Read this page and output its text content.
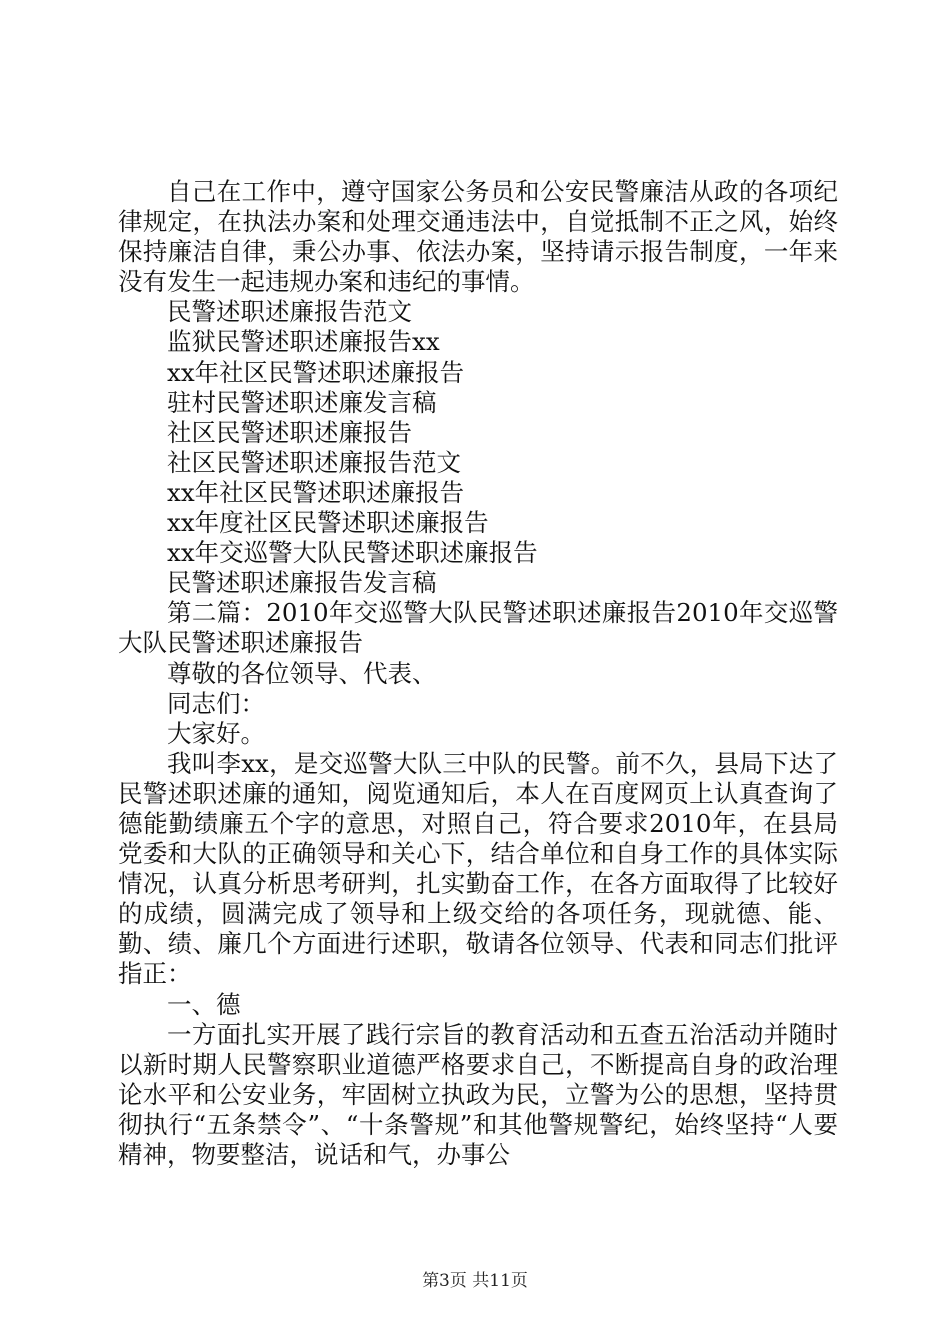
自己在工作中，遵守国家公务员和公安民警廉洁从政的各项纪律规定，在执法办案和处理交通违法中，自觉抵制不正之风，始终保持廉洁自律，秉公办事、依法办案，坚持请示报告制度，一年来没有发生一起违规办案和违纪的事情。

民警述职述廉报告范文

监狱民警述职述廉报告xx

xx年社区民警述职述廉报告

驻村民警述职述廉发言稿

社区民警述职述廉报告

社区民警述职述廉报告范文

xx年社区民警述职述廉报告

xx年度社区民警述职述廉报告

xx年交巡警大队民警述职述廉报告

民警述职述廉报告发言稿

第二篇：2010年交巡警大队民警述职述廉报告2010年交巡警大队民警述职述廉报告

尊敬的各位领导、代表、

同志们：

大家好。

我叫李xx，是交巡警大队三中队的民警。前不久，县局下达了民警述职述廉的通知，阅览通知后，本人在百度网页上认真查询了德能勤绩廉五个字的意思，对照自己，符合要求2010年，在县局党委和大队的正确领导和关心下，结合单位和自身工作的具体实际情况，认真分析思考研判，扎实勤奋工作，在各方面取得了比较好的成绩，圆满完成了领导和上级交给的各项任务，现就德、能、勤、绩、廉几个方面进行述职，敬请各位领导、代表和同志们批评指正：

一、德

一方面扎实开展了践行宗旨的教育活动和五查五治活动并随时以新时期人民警察职业道德严格要求自己，不断提高自身的政治理论水平和公安业务，牢固树立执政为民，立警为公的思想，坚持贯彻执行“五条禁令”、“十条警规”和其他警规警纪，始终坚持“人要精神，物要整洁，说话和气，办事公

第3页 共11页
